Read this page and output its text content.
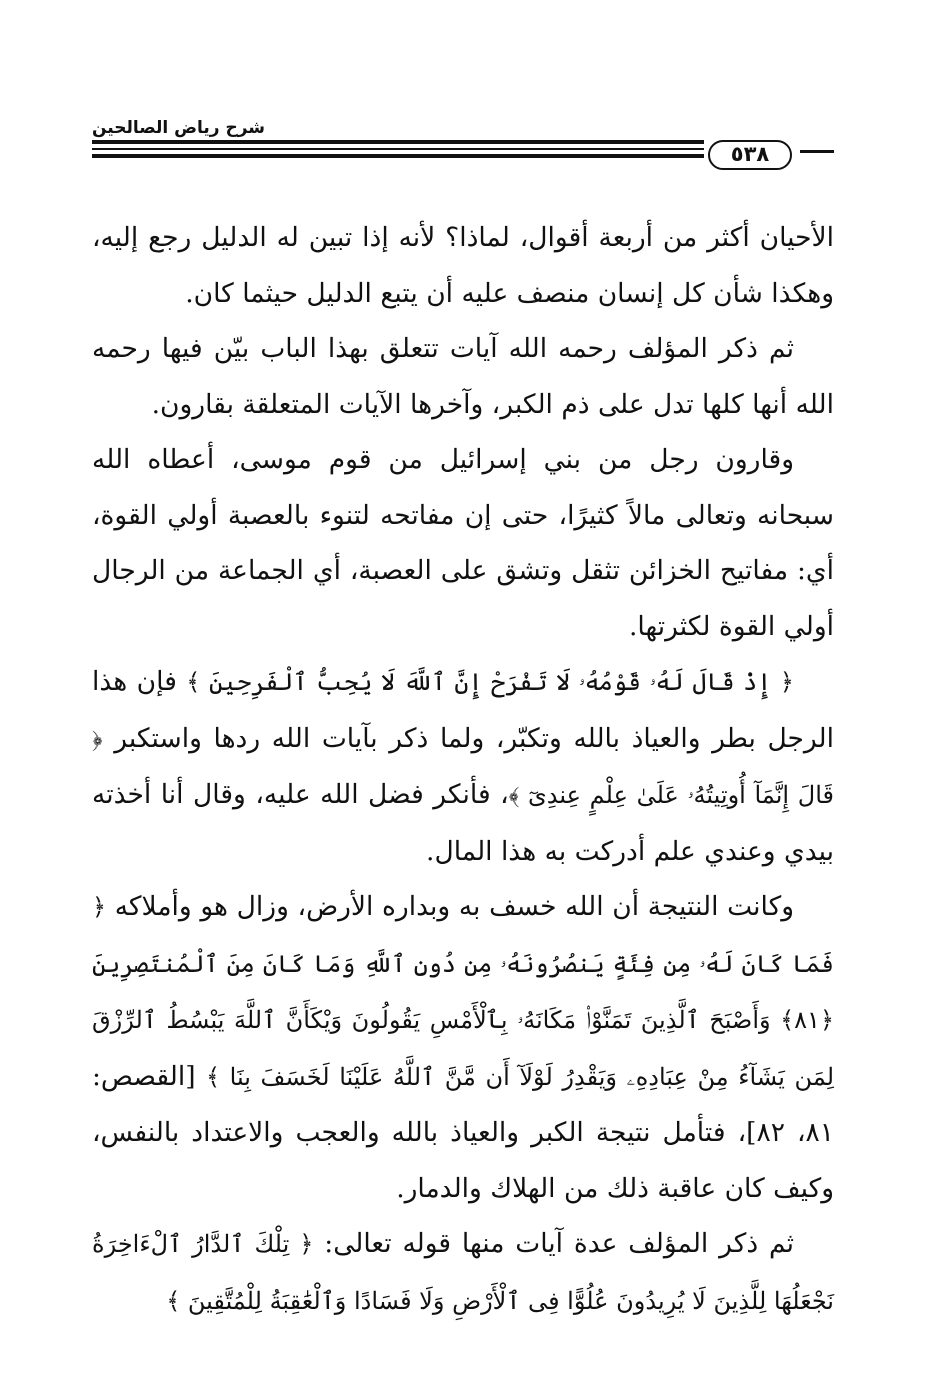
شرح رياض الصالحين
٥٣٨

الأحيان أكثر من أربعة أقوال، لماذا؟ لأنه إذا تبين له الدليل رجع إليه، وهكذا شأن كل إنسان منصف عليه أن يتبع الدليل حيثما كان.

ثم ذكر المؤلف رحمه الله آيات تتعلق بهذا الباب بيّن فيها رحمه الله أنها كلها تدل على ذم الكبر، وآخرها الآيات المتعلقة بقارون.

وقارون رجل من بني إسرائيل من قوم موسى، أعطاه الله سبحانه وتعالى مالاً كثيرًا، حتى إن مفاتحه لتنوء بالعصبة أولي القوة، أي: مفاتيح الخزائن تثقل وتشق على العصبة، أي الجماعة من الرجال أولي القوة لكثرتها.

﴿ إِذْ قَالَ لَهُۥ قَوْمُهُۥ لَا تَفْرَحْ إِنَّ ٱللَّهَ لَا يُحِبُّ ٱلْفَرِحِينَ ﴾ فإن هذا الرجل بطر والعياذ بالله وتكبّر، ولما ذكر بآيات الله ردها واستكبر ﴿ قَالَ إِنَّمَآ أُوتِيتُهُۥ عَلَىٰ عِلْمٍ عِندِىٓ ﴾، فأنكر فضل الله عليه، وقال أنا أخذته بيدي وعندي علم أدركت به هذا المال.

وكانت النتيجة أن الله خسف به وبداره الأرض، وزال هو وأملاكه ﴿ فَمَا كَانَ لَهُۥ مِن فِئَةٍ يَنصُرُونَهُۥ مِن دُونِ ٱللَّهِ وَمَا كَانَ مِنَ ٱلْمُنتَصِرِينَ ﴿٨١﴾ وَأَصْبَحَ ٱلَّذِينَ تَمَنَّوْا۟ مَكَانَهُۥ بِٱلْأَمْسِ يَقُولُونَ وَيْكَأَنَّ ٱللَّهَ يَبْسُطُ ٱلرِّزْقَ لِمَن يَشَآءُ مِنْ عِبَادِهِۦ وَيَقْدِرُ لَوْلَآ أَن مَّنَّ ٱللَّهُ عَلَيْنَا لَخَسَفَ بِنَا ﴾ [القصص: ٨١، ٨٢]، فتأمل نتيجة الكبر والعياذ بالله والعجب والاعتداد بالنفس، وكيف كان عاقبة ذلك من الهلاك والدمار.

ثم ذكر المؤلف عدة آيات منها قوله تعالى: ﴿ تِلْكَ ٱلدَّارُ ٱلْءَاخِرَةُ نَجْعَلُهَا لِلَّذِينَ لَا يُرِيدُونَ عُلُوًّا فِى ٱلْأَرْضِ وَلَا فَسَادًا وَٱلْعَٰقِبَةُ لِلْمُتَّقِينَ ﴾
